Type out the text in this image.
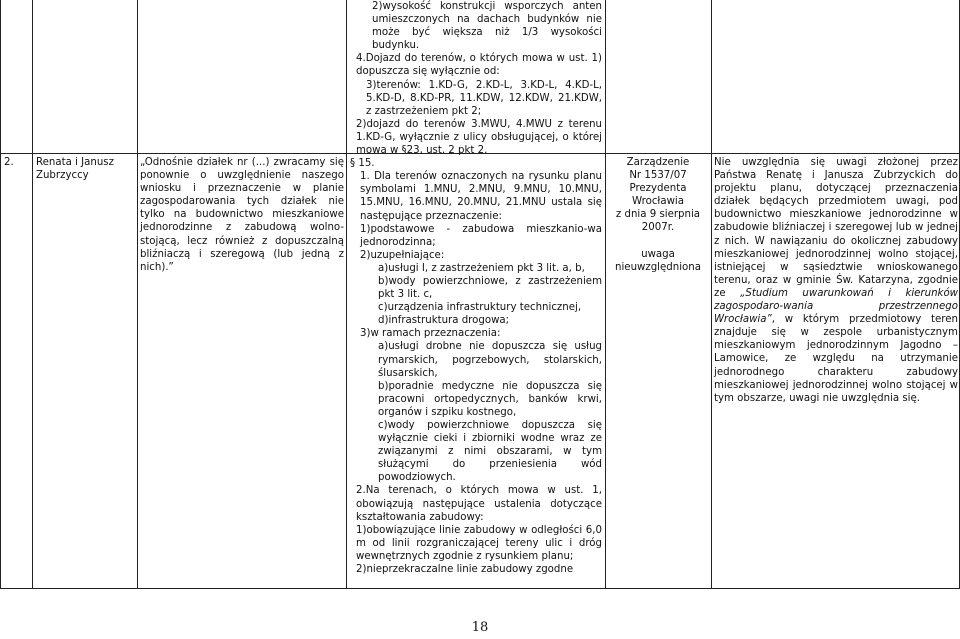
2.	Renata i Janusz Zubrzyccy
„Odnośnie działek nr (...) zwracamy się ponownie o uwzględnienie naszego wniosku i przeznaczenie w planie zagospodarowania tych działek nie tylko na budownictwo mieszkaniowe jednorodzinne z zabudową wolno-stojącą, lecz również z dopuszczalną bliźniaczą i szeregową (lub jedną z nich).”
2)wysokość konstrukcji wsporczych anten umieszczonych na dachach budynków nie może być większa niż 1/3 wysokości budynku.
4.Dojazd do terenów, o których mowa w ust. 1) dopuszcza się wyłącznie od:
3)terenów: 1.KD-G, 2.KD-L, 3.KD-L, 4.KD-L, 5.KD-D, 8.KD-PR, 11.KDW, 12.KDW, 21.KDW, z zastrzeżeniem pkt 2;
2)dojazd do terenów 3.MWU, 4.MWU z terenu 1.KD-G, wyłącznie z ulicy obsługującej, o której mowa w §23, ust. 2 pkt 2.
§ 15.
1. Dla terenów oznaczonych na rysunku planu symbolami 1.MNU, 2.MNU, 9.MNU, 10.MNU, 15.MNU, 16.MNU, 20.MNU, 21.MNU ustala się następujące przeznaczenie:
1)podstawowe - zabudowa mieszkanio-wa jednorodzinna;
2)uzupełniające:
a)usługi I, z zastrzeżeniem pkt 3 lit. a, b,
b)wody powierzchniowe, z zastrzeżeniem pkt 3 lit. c,
c)urządzenia infrastruktury technicznej,
d)infrastruktura drogowa;
3)w ramach przeznaczenia:
a)usługi drobne nie dopuszcza się usług rymarskich, pogrzebowych, stolarskich, ślusarskich,
b)poradnie medyczne nie dopuszcza się pracowni ortopedycznych, banków krwi, organów i szpiku kostnego,
c)wody powierzchniowe dopuszcza się wyłącznie cieki i zbiorniki wodne wraz ze związanymi z nimi obszarami, w tym służącymi do przeniesienia wód powodziowych.
2.Na terenach, o których mowa w ust. 1, obowiązują następujące ustalenia dotyczące kształtowania zabudowy:
1)obowiązujące linie zabudowy w odległości 6,0 m od linii rozgraniczającej tereny ulic i dróg wewnętrznych zgodnie z rysunkiem planu;
2)nieprzekraczalne linie zabudowy zgodne
Zarządzenie
Nr 1537/07
Prezydenta
Wrocławia
z dnia 9 sierpnia
2007r.
uwaga
nieuwzględniona
Nie uwzględnia się uwagi złożonej przez Państwa Renatę i Janusza Zubrzyckich do projektu planu, dotyczącej przeznaczenia działek będących przedmiotem uwagi, pod budownictwo mieszkaniowe jednorodzinne w zabudowie bliźniaczej i szeregowej lub w jednej z nich. W nawiązaniu do okolicznej zabudowy mieszkaniowej jednorodzinnej wolno stojącej, istniejącej w sąsiedztwie wnioskowanego terenu, oraz w gminie Św. Katarzyna, zgodnie ze „Studium uwarunkowań i kierunków zagospodaro-wania przestrzennego Wrocławia”, w którym przedmiotowy teren znajduje się w zespole urbanistycznym mieszkaniowym jednorodzinnym Jagodno – Lamowice, ze względu na utrzymanie jednorodnego charakteru zabudowy mieszkaniowej jednorodzinnej wolno stojącej w tym obszarze, uwagi nie uwzględnia się.
18
